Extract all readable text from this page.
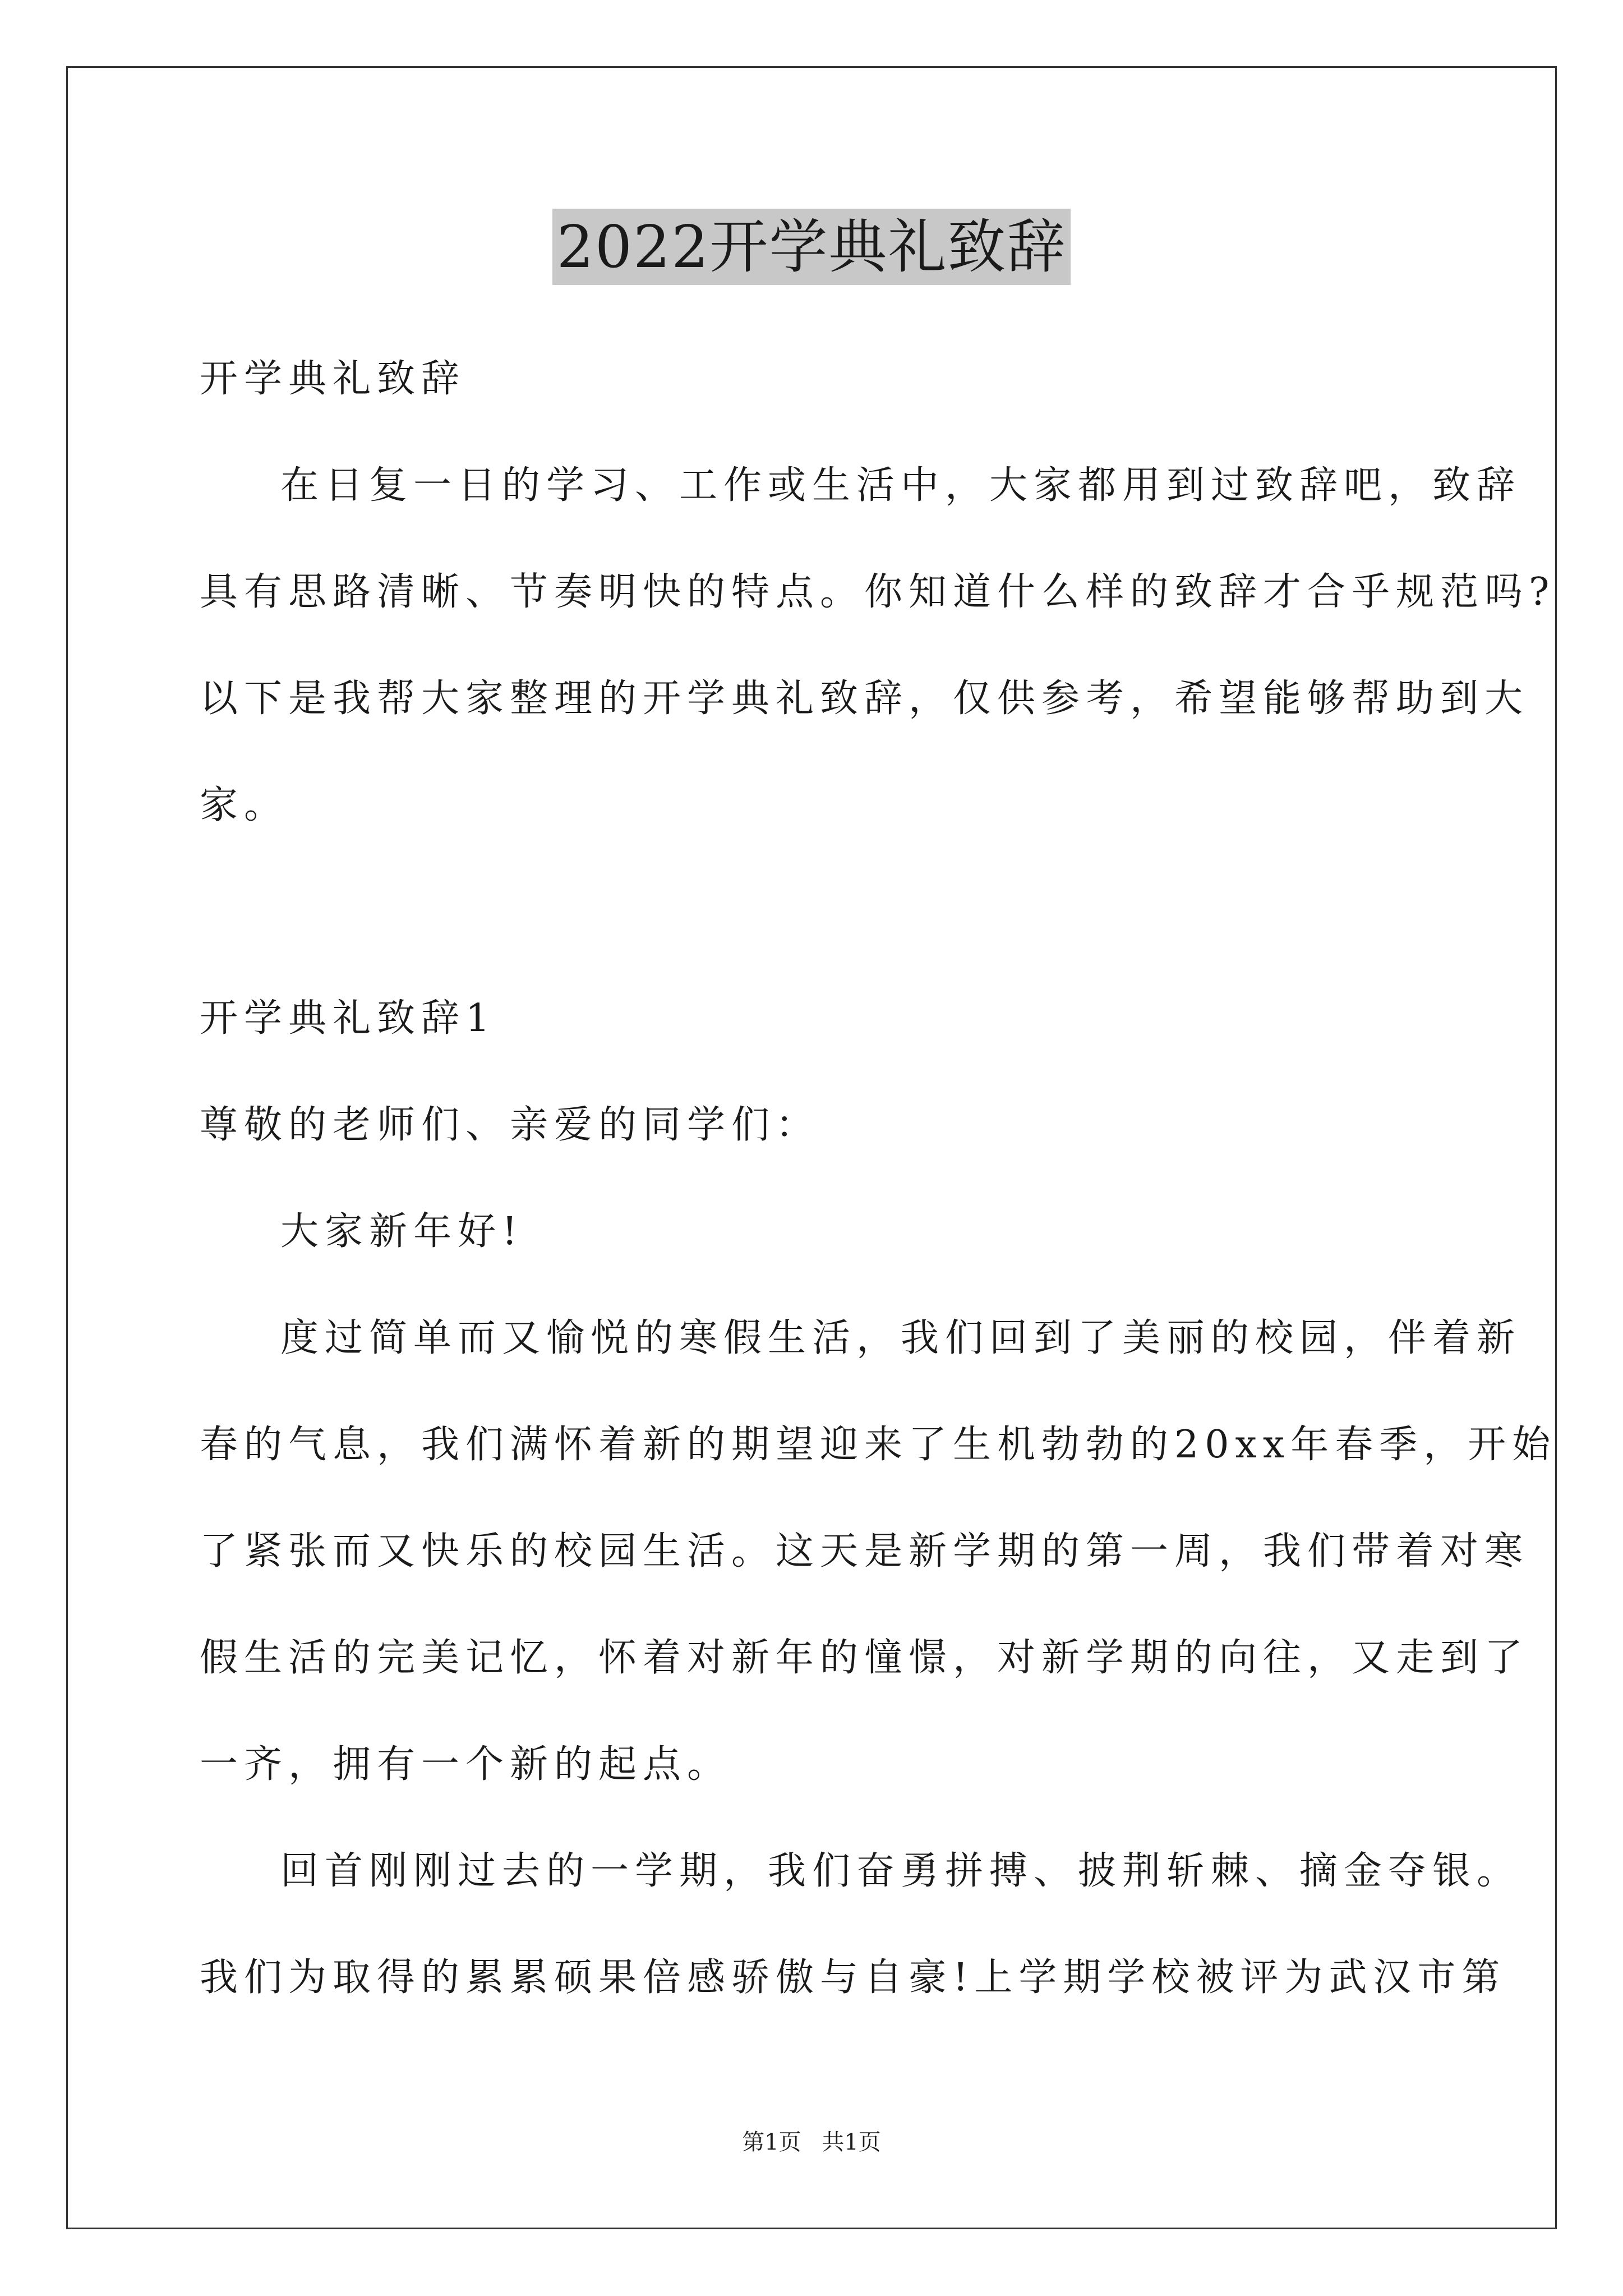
2022开学典礼致辞
开学典礼致辞
在日复一日的学习、工作或生活中，大家都用到过致辞吧，致辞
具有思路清晰、节奏明快的特点。你知道什么样的致辞才合乎规范吗?
以下是我帮大家整理的开学典礼致辞，仅供参考，希望能够帮助到大
家。
开学典礼致辞1
尊敬的老师们、亲爱的同学们：
大家新年好!
度过简单而又愉悦的寒假生活，我们回到了美丽的校园，伴着新
春的气息，我们满怀着新的期望迎来了生机勃勃的20xx年春季，开始
了紧张而又快乐的校园生活。这天是新学期的第一周，我们带着对寒
假生活的完美记忆，怀着对新年的憧憬，对新学期的向往，又走到了
一齐，拥有一个新的起点。
回首刚刚过去的一学期，我们奋勇拼搏、披荆斩棘、摘金夺银。
我们为取得的累累硕果倍感骄傲与自豪!上学期学校被评为武汉市第
第1页 共1页
